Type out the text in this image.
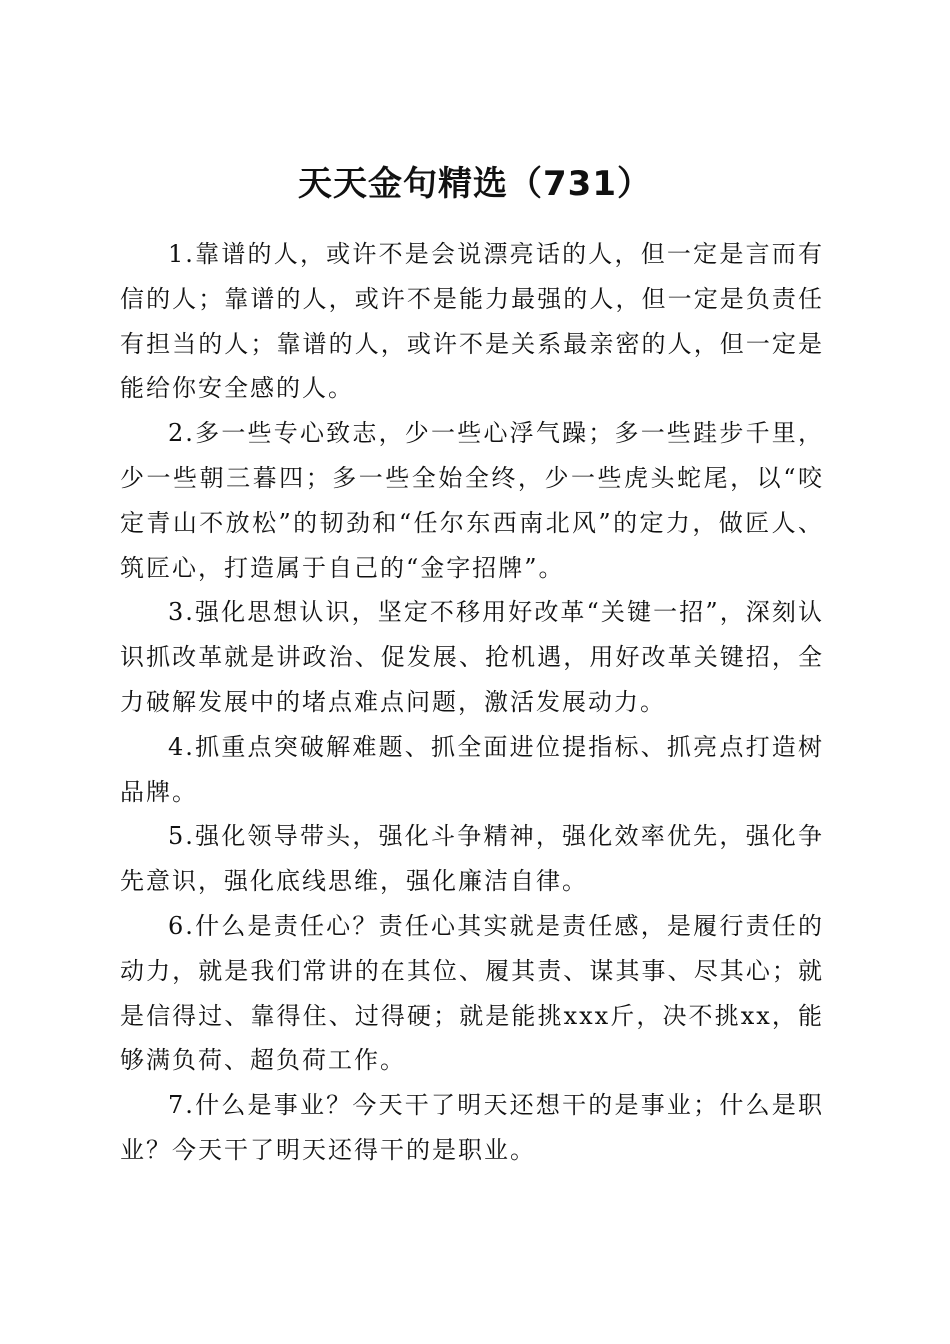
天天金句精选（731）

1.靠谱的人，或许不是会说漂亮话的人，但一定是言而有信的人；靠谱的人，或许不是能力最强的人，但一定是负责任有担当的人；靠谱的人，或许不是关系最亲密的人，但一定是能给你安全感的人。

2.多一些专心致志，少一些心浮气躁；多一些跬步千里，少一些朝三暮四；多一些全始全终，少一些虎头蛇尾，以“咬定青山不放松”的韧劲和“任尔东西南北风”的定力，做匠人、筑匠心，打造属于自己的“金字招牌”。

3.强化思想认识，坚定不移用好改革“关键一招”，深刻认识抓改革就是讲政治、促发展、抢机遇，用好改革关键招，全力破解发展中的堵点难点问题，激活发展动力。

4.抓重点突破解难题、抓全面进位提指标、抓亮点打造树品牌。

5.强化领导带头，强化斗争精神，强化效率优先，强化争先意识，强化底线思维，强化廉洁自律。

6.什么是责任心？责任心其实就是责任感，是履行责任的动力，就是我们常讲的在其位、履其责、谋其事、尽其心；就是信得过、靠得住、过得硬；就是能挑xxx斤，决不挑xx，能够满负荷、超负荷工作。

7.什么是事业？今天干了明天还想干的是事业；什么是职业？今天干了明天还得干的是职业。
